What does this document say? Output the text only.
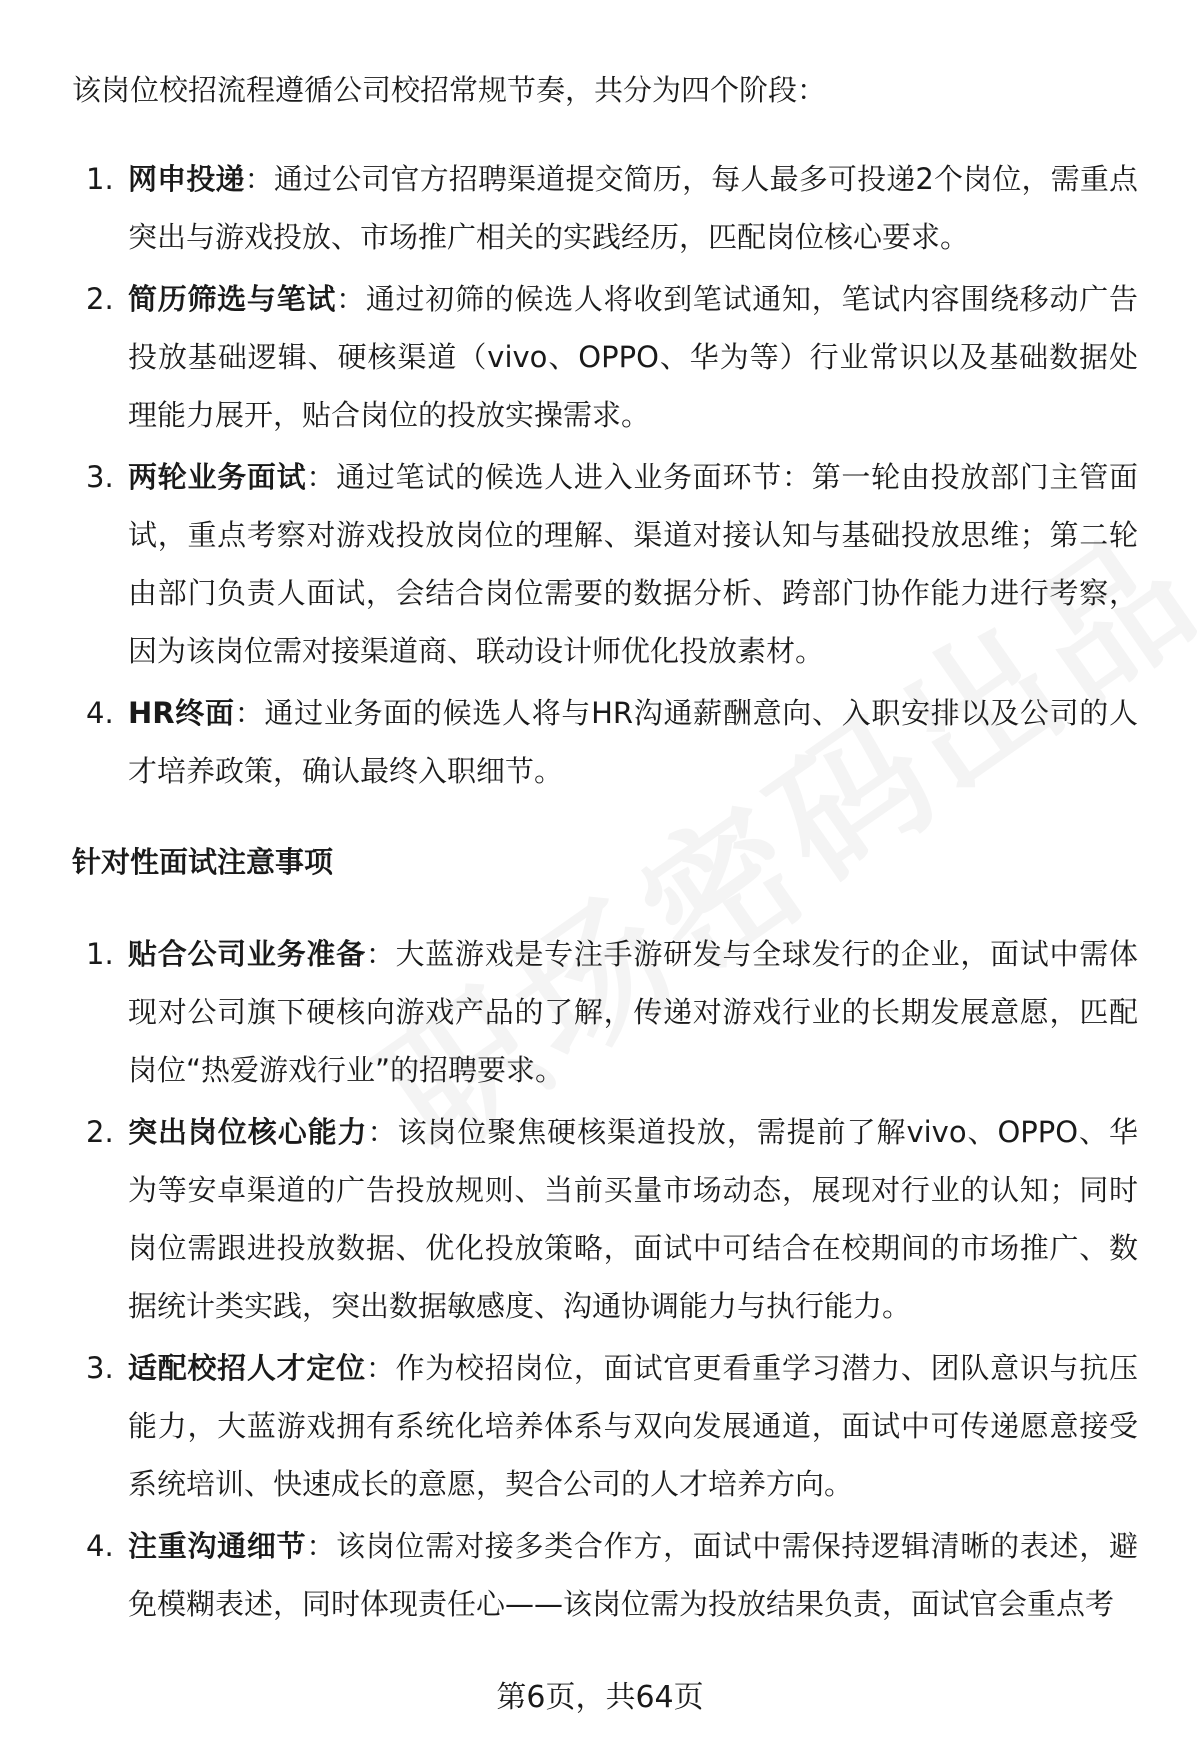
该岗位校招流程遵循公司校招常规节奏，共分为四个阶段：

1. 网申投递：通过公司官方招聘渠道提交简历，每人最多可投递2个岗位，需重点突出与游戏投放、市场推广相关的实践经历，匹配岗位核心要求。
2. 简历筛选与笔试：通过初筛的候选人将收到笔试通知，笔试内容围绕移动广告投放基础逻辑、硬核渠道（vivo、OPPO、华为等）行业常识以及基础数据处理能力展开，贴合岗位的投放实操需求。
3. 两轮业务面试：通过笔试的候选人进入业务面环节：第一轮由投放部门主管面试，重点考察对游戏投放岗位的理解、渠道对接认知与基础投放思维；第二轮由部门负责人面试，会结合岗位需要的数据分析、跨部门协作能力进行考察，因为该岗位需对接渠道商、联动设计师优化投放素材。
4. HR终面：通过业务面的候选人将与HR沟通薪酬意向、入职安排以及公司的人才培养政策，确认最终入职细节。
针对性面试注意事项
1. 贴合公司业务准备：大蓝游戏是专注手游研发与全球发行的企业，面试中需体现对公司旗下硬核向游戏产品的了解，传递对游戏行业的长期发展意愿，匹配岗位“热爱游戏行业”的招聘要求。
2. 突出岗位核心能力：该岗位聚焦硬核渠道投放，需提前了解vivo、OPPO、华为等安卓渠道的广告投放规则、当前买量市场动态，展现对行业的认知；同时岗位需跟进投放数据、优化投放策略，面试中可结合在校期间的市场推广、数据统计类实践，突出数据敏感度、沟通协调能力与执行能力。
3. 适配校招人才定位：作为校招岗位，面试官更看重学习潜力、团队意识与抗压能力，大蓝游戏拥有系统化培养体系与双向发展通道，面试中可传递愿意接受系统培训、快速成长的意愿，契合公司的人才培养方向。
4. 注重沟通细节：该岗位需对接多类合作方，面试中需保持逻辑清晰的表述，避免模糊表述，同时体现责任心——该岗位需为投放结果负责，面试官会重点考
第6页，共64页
